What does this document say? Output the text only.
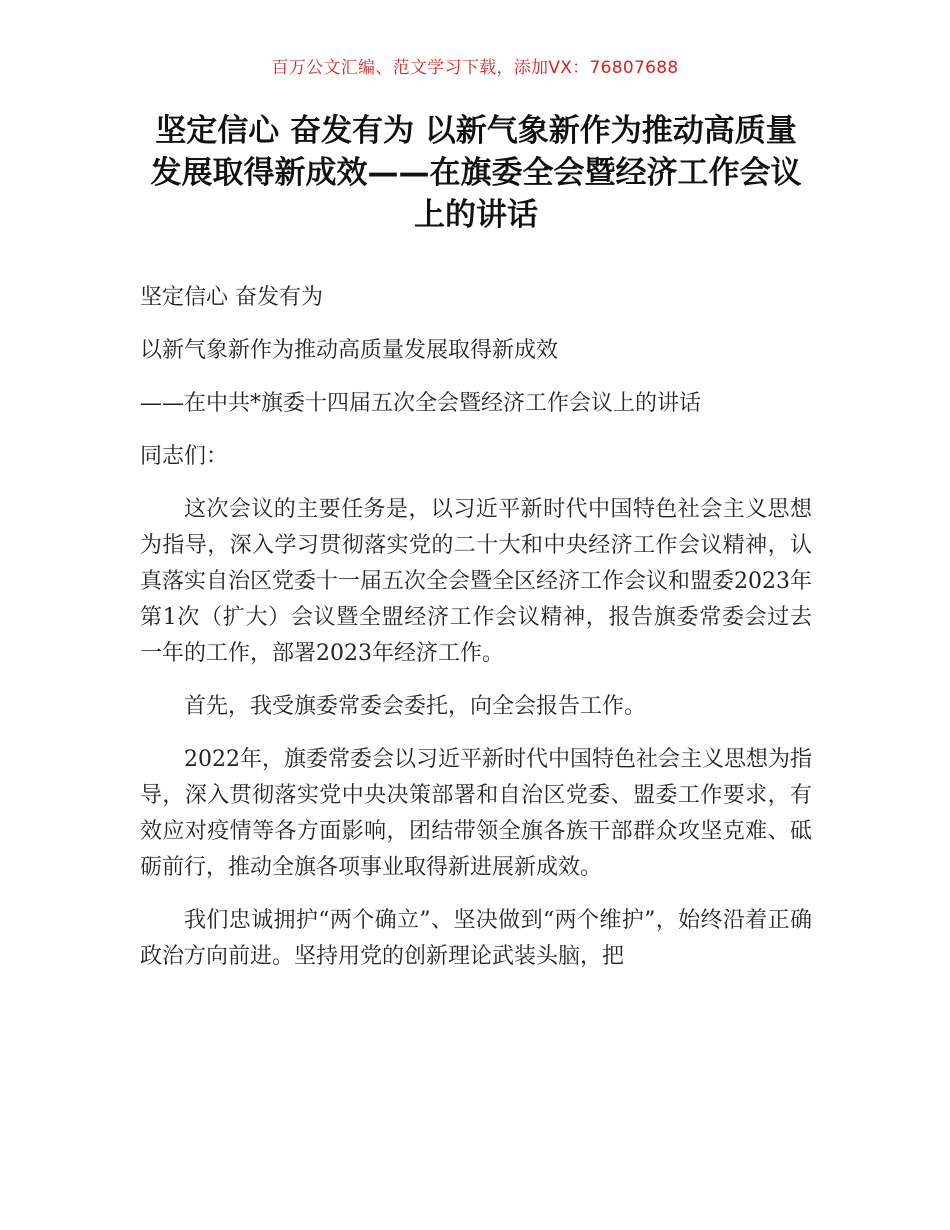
百万公文汇编、范文学习下载，添加VX：76807688
坚定信心 奋发有为 以新气象新作为推动高质量发展取得新成效——在旗委全会暨经济工作会议上的讲话

坚定信心 奋发有为

以新气象新作为推动高质量发展取得新成效

——在中共*旗委十四届五次全会暨经济工作会议上的讲话

同志们：

这次会议的主要任务是，以习近平新时代中国特色社会主义思想为指导，深入学习贯彻落实党的二十大和中央经济工作会议精神，认真落实自治区党委十一届五次全会暨全区经济工作会议和盟委2023年第1次（扩大）会议暨全盟经济工作会议精神，报告旗委常委会过去一年的工作，部署2023年经济工作。

首先，我受旗委常委会委托，向全会报告工作。

2022年，旗委常委会以习近平新时代中国特色社会主义思想为指导，深入贯彻落实党中央决策部署和自治区党委、盟委工作要求，有效应对疫情等各方面影响，团结带领全旗各族干部群众攻坚克难、砥砺前行，推动全旗各项事业取得新进展新成效。

我们忠诚拥护“两个确立”、坚决做到“两个维护”，始终沿着正确政治方向前进。坚持用党的创新理论武装头脑，把
